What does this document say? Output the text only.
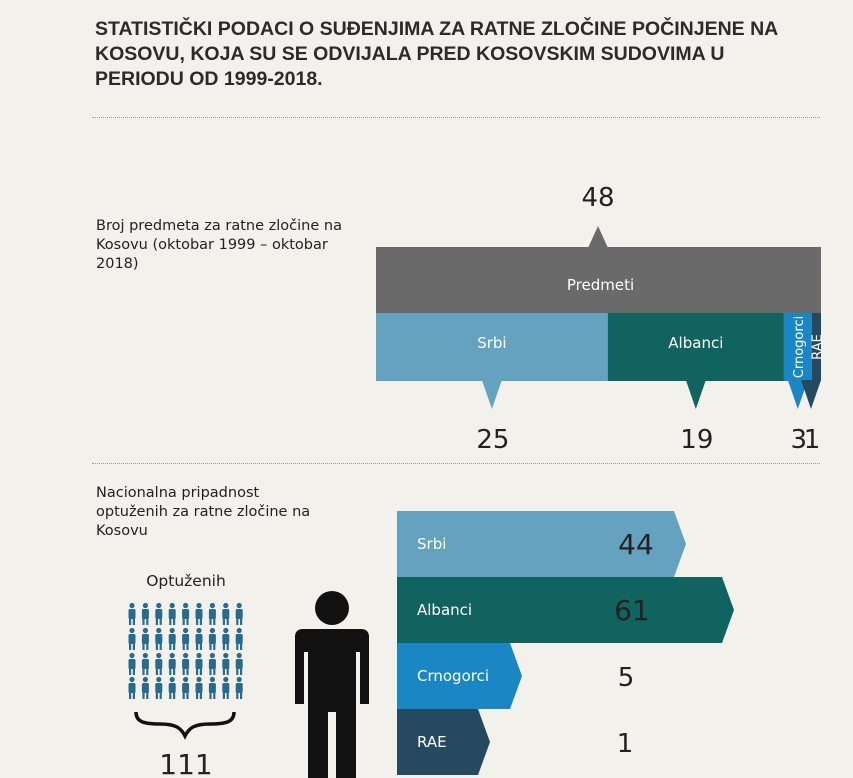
STATISTIČKI PODACI O SUĐENJIMA ZA RATNE ZLOČINE POČINJENE NA KOSOVU, KOJA SU SE ODVIJALA PRED KOSOVSKIM SUDOVIMA U PERIODU OD 1999-2018.
Broj predmeta za ratne zločine na Kosovu (oktobar 1999 – oktobar 2018)
Nacionalna pripadnost optuženih za ratne zločine na Kosovu
48
Predmeti
Srbi
25
Albanci
19
Crnogorci
3
RAE
1
Srbi	44
Albanci	61
Crnogorci	5
RAE	1
Optuženih
111
